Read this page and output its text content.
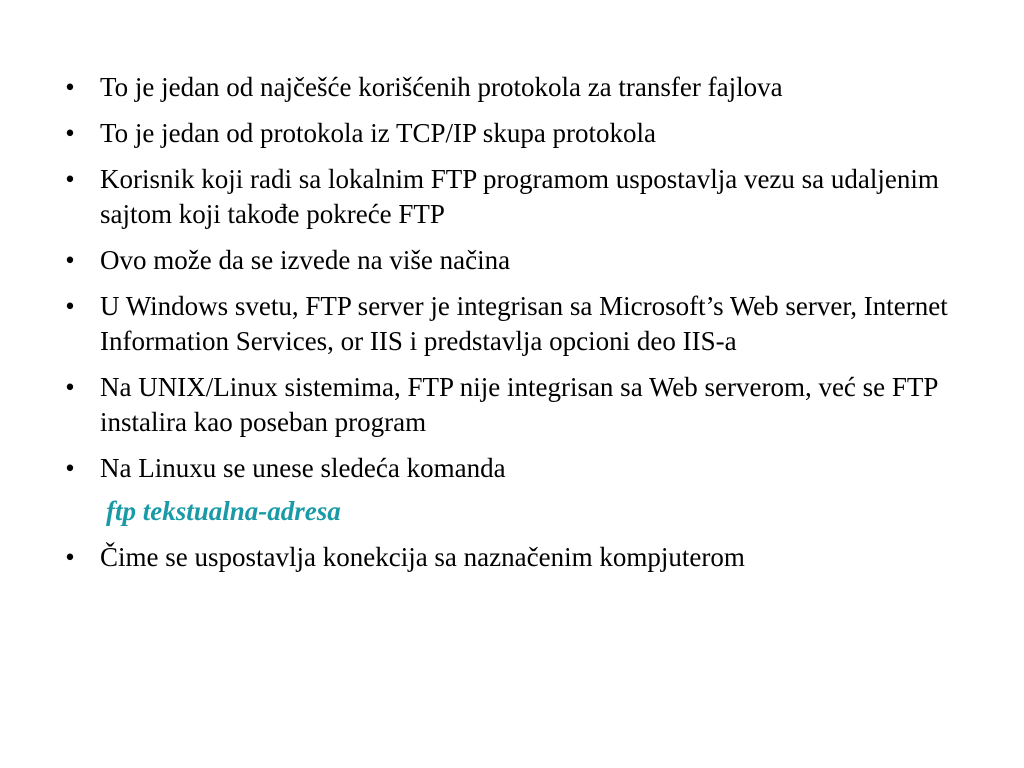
• To je jedan od najčešće korišćenih protokola za transfer fajlova
• To je jedan od protokola iz TCP/IP skupa protokola
• Korisnik koji radi sa lokalnim FTP programom uspostavlja vezu sa udaljenim sajtom koji takođe pokreće FTP
• Ovo može da se izvede na više načina
• U Windows svetu, FTP server je integrisan sa Microsoft’s Web server, Internet Information Services, or IIS i predstavlja opcioni deo IIS-a
• Na UNIX/Linux sistemima, FTP nije integrisan sa Web serverom, već se FTP instalira kao poseban program
• Na Linuxu se unese sledeća komanda
ftp tekstualna-adresa
• Čime se uspostavlja konekcija sa naznačenim kompjuterom
